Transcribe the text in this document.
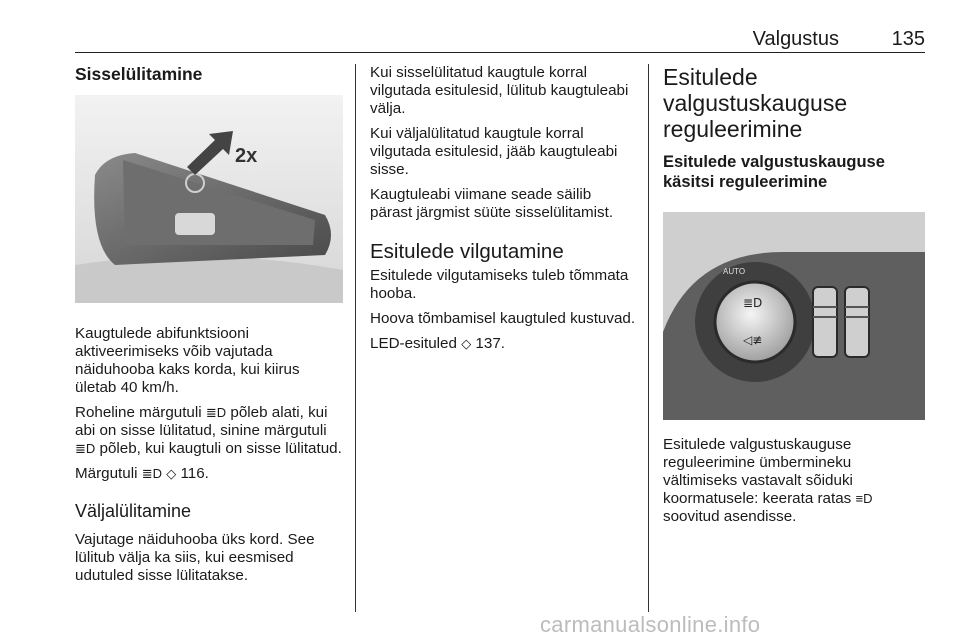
Valgustus	135
Sisselülitamine
2x

Kaugtulede abifunktsiooni aktiveerimiseks võib vajutada näiduhooba kaks korda, kui kiirus ületab 40 km/h.

Roheline märgutuli ≣D põleb alati, kui abi on sisse lülitatud, sinine märgutuli ≣D põleb, kui kaugtuli on sisse lülitatud.

Märgutuli ≣D ◇ 116.

Väljalülitamine

Vajutage näiduhooba üks kord. See lülitub välja ka siis, kui eesmised udutuled sisse lülitatakse.

Kui sisselülitatud kaugtule korral vilgutada esitulesid, lülitub kaugtuleabi välja.

Kui väljalülitatud kaugtule korral vilgutada esitulesid, jääb kaugtuleabi sisse.

Kaugtuleabi viimane seade säilib pärast järgmist süüte sisselülitamist.

Esitulede vilgutamine

Esitulede vilgutamiseks tuleb tõmmata hooba.

Hoova tõmbamisel kaugtuled kustuvad.

LED-esituled ◇ 137.

Esitulede valgustuskauguse reguleerimine
Esitulede valgustuskauguse käsitsi reguleerimine
≣D
◁≢
AUTO

Esitulede valgustuskauguse reguleerimine ümbermineku vältimiseks vastavalt sõiduki koormatusele: keerata ratas ≡D soovitud asendisse.

carmanualsonline.info
